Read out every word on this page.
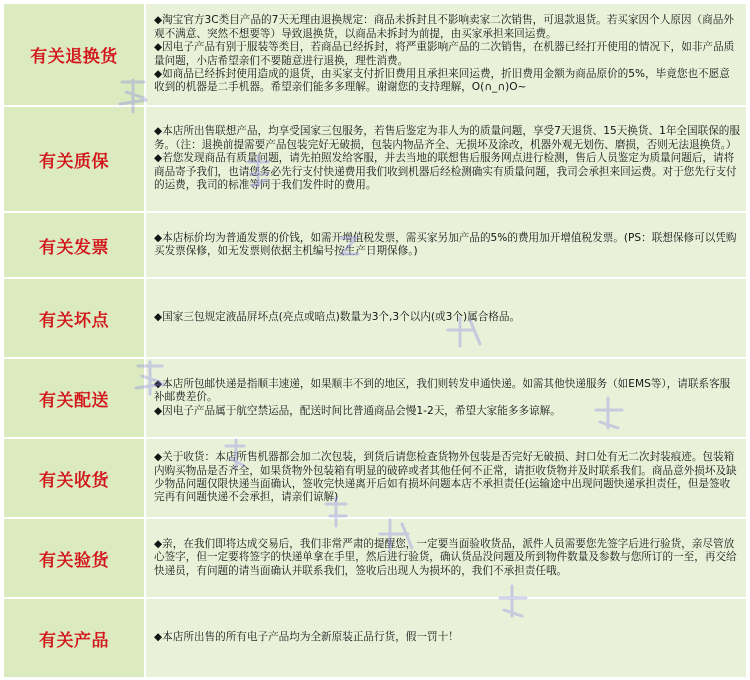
有关退换货	◆淘宝官方3C类目产品的7天无理由退换规定：商品未拆封且不影响卖家二次销售，可退款退货。若买家因个人原因（商品外观不满意、突然不想要等）导致退换货，以商品未拆封为前提，由买家承担来回运费。

◆因电子产品有别于服装等类目，若商品已经拆封，将严重影响产品的二次销售，在机器已经打开使用的情况下，如非产品质量问题，小店希望亲们不要随意进行退换，理性消费。

◆如商品已经拆封使用造成的退货，由买家支付折旧费用且承担来回运费，折旧费用金额为商品原价的5%，毕竟您也不愿意收到的机器是二手机器。希望亲们能多多理解。谢谢您的支持理解，O(∩_∩)O~

有关质保	◆本店所出售联想产品，均享受国家三包服务，若售后鉴定为非人为的质量问题，享受7天退货、15天换货、1年全国联保的服务。（注：退换前提需要产品包装完好无破损，包装内物品齐全、无损坏及涂改，机器外观无划伤、磨损，否则无法退换货。）

◆若您发现商品有质量问题，请先拍照发给客服，并去当地的联想售后服务网点进行检测，售后人员鉴定为质量问题后，请将商品寄予我们，也请您务必先行支付快递费用我们收到机器后经检测确实有质量问题，我司会承担来回运费。对于您先行支付的运费，我司的标准等同于我们发件时的费用。

有关发票	◆本店标价均为普通发票的价钱，如需开增值税发票，需买家另加产品的5%的费用加开增值税发票。(PS：联想保修可以凭购买发票保修，如无发票则依据主机编号按生产日期保修。)

有关坏点	◆国家三包规定液晶屏坏点(亮点或暗点)数量为3个,3个以内(或3个)属合格品。

有关配送	◆本店所包邮快递是指顺丰速递，如果顺丰不到的地区，我们则转发申通快递。如需其他快递服务（如EMS等），请联系客服补邮费差价。

◆因电子产品属于航空禁运品，配送时间比普通商品会慢1-2天，希望大家能多多谅解。

有关收货	◆关于收货：本店所售机器都会加二次包装，到货后请您检查货物外包装是否完好无破损、封口处有无二次封装痕迹。包装箱内购买物品是否齐全，如果货物外包装箱有明显的破碎或者其他任何不正常，请拒收货物并及时联系我们。商品意外损坏及缺少物品问题仅限快递当面确认，签收完快递离开后如有损坏问题本店不承担责任(运输途中出现问题快递承担责任，但是签收完再有问题快递不会承担，请亲们谅解)

有关验货	◆亲，在我们即将达成交易后，我们非常严肃的提醒您，一定要当面验收货品，派件人员需要您先签字后进行验货，亲尽管放心签字，但一定要将签字的快递单拿在手里，然后进行验货，确认货品没问题及所到物件数量及参数与您所订的一至，再交给快递员，有问题的请当面确认并联系我们，签收后出现人为损坏的，我们不承担责任哦。

有关产品	◆本店所出售的所有电子产品均为全新原装正品行货，假一罚十！
